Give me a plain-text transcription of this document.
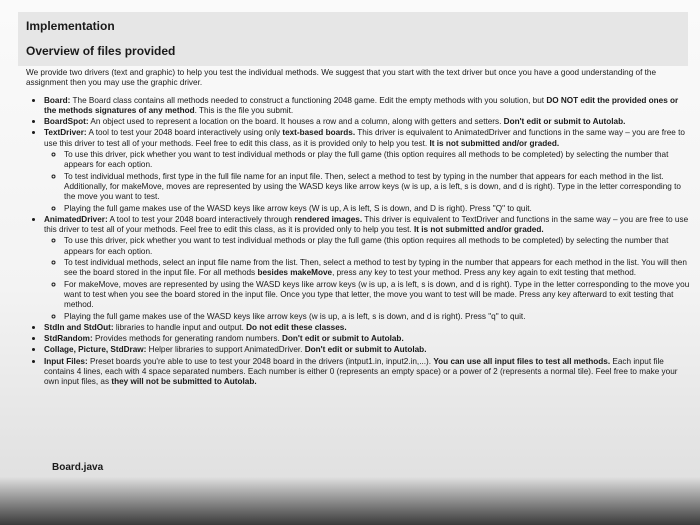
Implementation
Overview of files provided

We provide two drivers (text and graphic) to help you test the individual methods. We suggest that you start with the text driver but once you have a good understanding of the assignment then you may use the graphic driver.

• Board: The Board class contains all methods needed to construct a functioning 2048 game. Edit the empty methods with you solution, but DO NOT edit the provided ones or the methods signatures of any method. This is the file you submit.
• BoardSpot: An object used to represent a location on the board. It houses a row and a column, along with getters and setters. Don't edit or submit to Autolab.
• TextDriver: A tool to test your 2048 board interactively using only text-based boards. This driver is equivalent to AnimatedDriver and functions in the same way – you are free to use this driver to test all of your methods. Feel free to edit this class, as it is provided only to help you test. It is not submitted and/or graded.
◦ To use this driver, pick whether you want to test individual methods or play the full game (this option requires all methods to be completed) by selecting the number that appears for each option.
◦ To test individual methods, first type in the full file name for an input file. Then, select a method to test by typing in the number that appears for each method in the list. Additionally, for makeMove, moves are represented by using the WASD keys like arrow keys (w is up, a is left, s is down, and d is right). Type in the letter corresponding to the move you want to test.
◦ Playing the full game makes use of the WASD keys like arrow keys (W is up, A is left, S is down, and D is right). Press "Q" to quit.
• AnimatedDriver: A tool to test your 2048 board interactively through rendered images. This driver is equivalent to TextDriver and functions in the same way – you are free to use this driver to test all of your methods. Feel free to edit this class, as it is provided only to help you test. It is not submitted and/or graded.
◦ To use this driver, pick whether you want to test individual methods or play the full game (this option requires all methods to be completed) by selecting the number that appears for each option.
◦ To test individual methods, select an input file name from the list. Then, select a method to test by typing in the number that appears for each method in the list. You will then see the board stored in the input file. For all methods besides makeMove, press any key to test your method. Press any key again to exit testing that method.
◦ For makeMove, moves are represented by using the WASD keys like arrow keys (w is up, a is left, s is down, and d is right). Type in the letter corresponding to the move you want to test when you see the board stored in the input file. Once you type that letter, the move you want to test will be made. Press any key afterward to exit testing that method.
◦ Playing the full game makes use of the WASD keys like arrow keys (w is up, a is left, s is down, and d is right). Press "q" to quit.
• StdIn and StdOut: libraries to handle input and output. Do not edit these classes.
• StdRandom: Provides methods for generating random numbers. Don't edit or submit to Autolab.
• Collage, Picture, StdDraw: Helper libraries to support AnimatedDriver. Don't edit or submit to Autolab.
• Input Files: Preset boards you're able to use to test your 2048 board in the drivers (intput1.in, input2.in,...). You can use all input files to test all methods. Each input file contains 4 lines, each with 4 space separated numbers. Each number is either 0 (represents an empty space) or a power of 2 (represents a normal tile). Feel free to make your own input files, as they will not be submitted to Autolab.
Board.java
